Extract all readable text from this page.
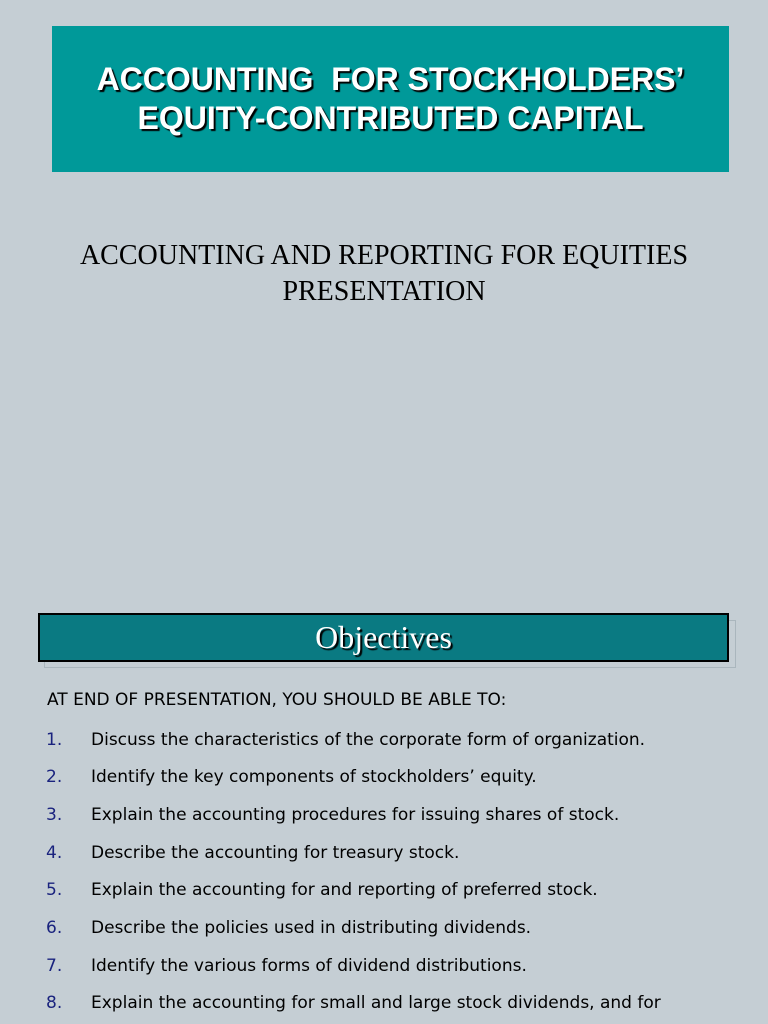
ACCOUNTING  FOR STOCKHOLDERS’
EQUITY-CONTRIBUTED CAPITAL
ACCOUNTING AND REPORTING FOR EQUITIES
PRESENTATION
Objectives
AT END OF PRESENTATION, YOU SHOULD BE ABLE TO:
1. Discuss the characteristics of the corporate form of organization.
2. Identify the key components of stockholders’ equity.
3. Explain the accounting procedures for issuing shares of stock.
4. Describe the accounting for treasury stock.
5. Explain the accounting for and reporting of preferred stock.
6. Describe the policies used in distributing dividends.
7. Identify the various forms of dividend distributions.
8. Explain the accounting for small and large stock dividends, and for
